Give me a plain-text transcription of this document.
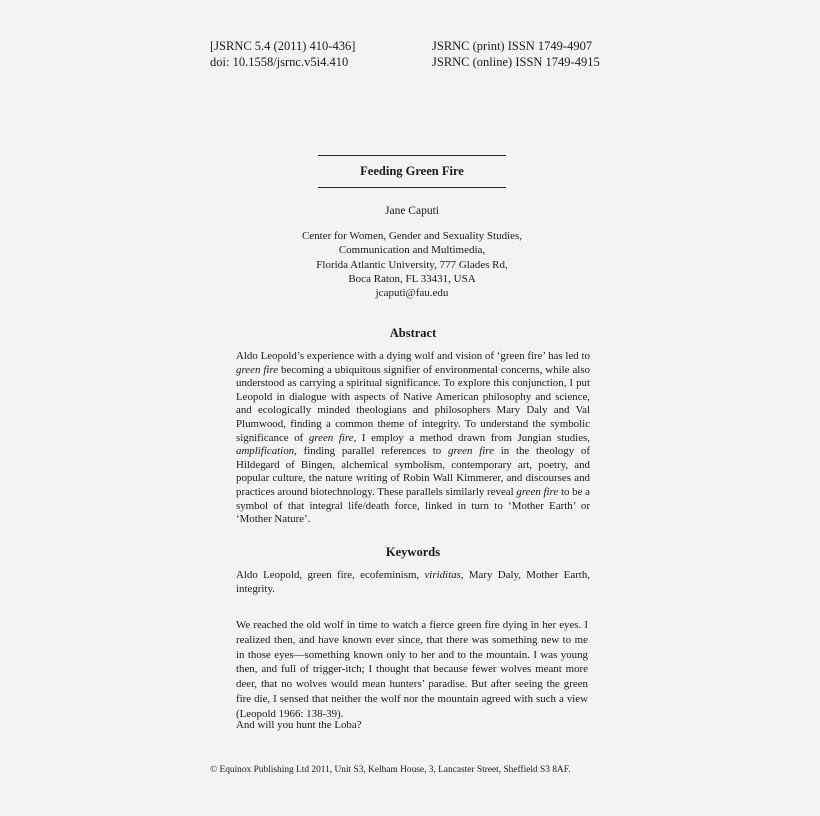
[JSRNC 5.4 (2011) 410-436]
doi: 10.1558/jsrnc.v5i4.410
JSRNC (print) ISSN 1749-4907
JSRNC (online) ISSN 1749-4915
Feeding Green Fire
Jane Caputi
Center for Women, Gender and Sexuality Studies,
Communication and Multimedia,
Florida Atlantic University, 777 Glades Rd,
Boca Raton, FL 33431, USA
jcaputi@fau.edu
Abstract
Aldo Leopold’s experience with a dying wolf and vision of ‘green fire’ has led to green fire becoming a ubiquitous signifier of environmental concerns, while also understood as carrying a spiritual significance. To explore this conjunction, I put Leopold in dialogue with aspects of Native American philosophy and science, and ecologically minded theologians and philosophers Mary Daly and Val Plumwood, finding a common theme of integrity. To understand the symbolic significance of green fire, I employ a method drawn from Jungian studies, amplification, finding parallel references to green fire in the theology of Hildegard of Bingen, alchemical symbolism, contemporary art, poetry, and popular culture, the nature writing of Robin Wall Kimmerer, and discourses and practices around biotechnology. These parallels similarly reveal green fire to be a symbol of that integral life/death force, linked in turn to ‘Mother Earth’ or ‘Mother Nature’.
Keywords
Aldo Leopold, green fire, ecofeminism, viriditas, Mary Daly, Mother Earth, integrity.
We reached the old wolf in time to watch a fierce green fire dying in her eyes. I realized then, and have known ever since, that there was something new to me in those eyes—something known only to her and to the mountain. I was young then, and full of trigger-itch; I thought that because fewer wolves meant more deer, that no wolves would mean hunters’ paradise. But after seeing the green fire die, I sensed that neither the wolf nor the mountain agreed with such a view (Leopold 1966: 138-39).
And will you hunt the Loba?
© Equinox Publishing Ltd 2011, Unit S3, Kelham House, 3, Lancaster Street, Sheffield S3 8AF.
